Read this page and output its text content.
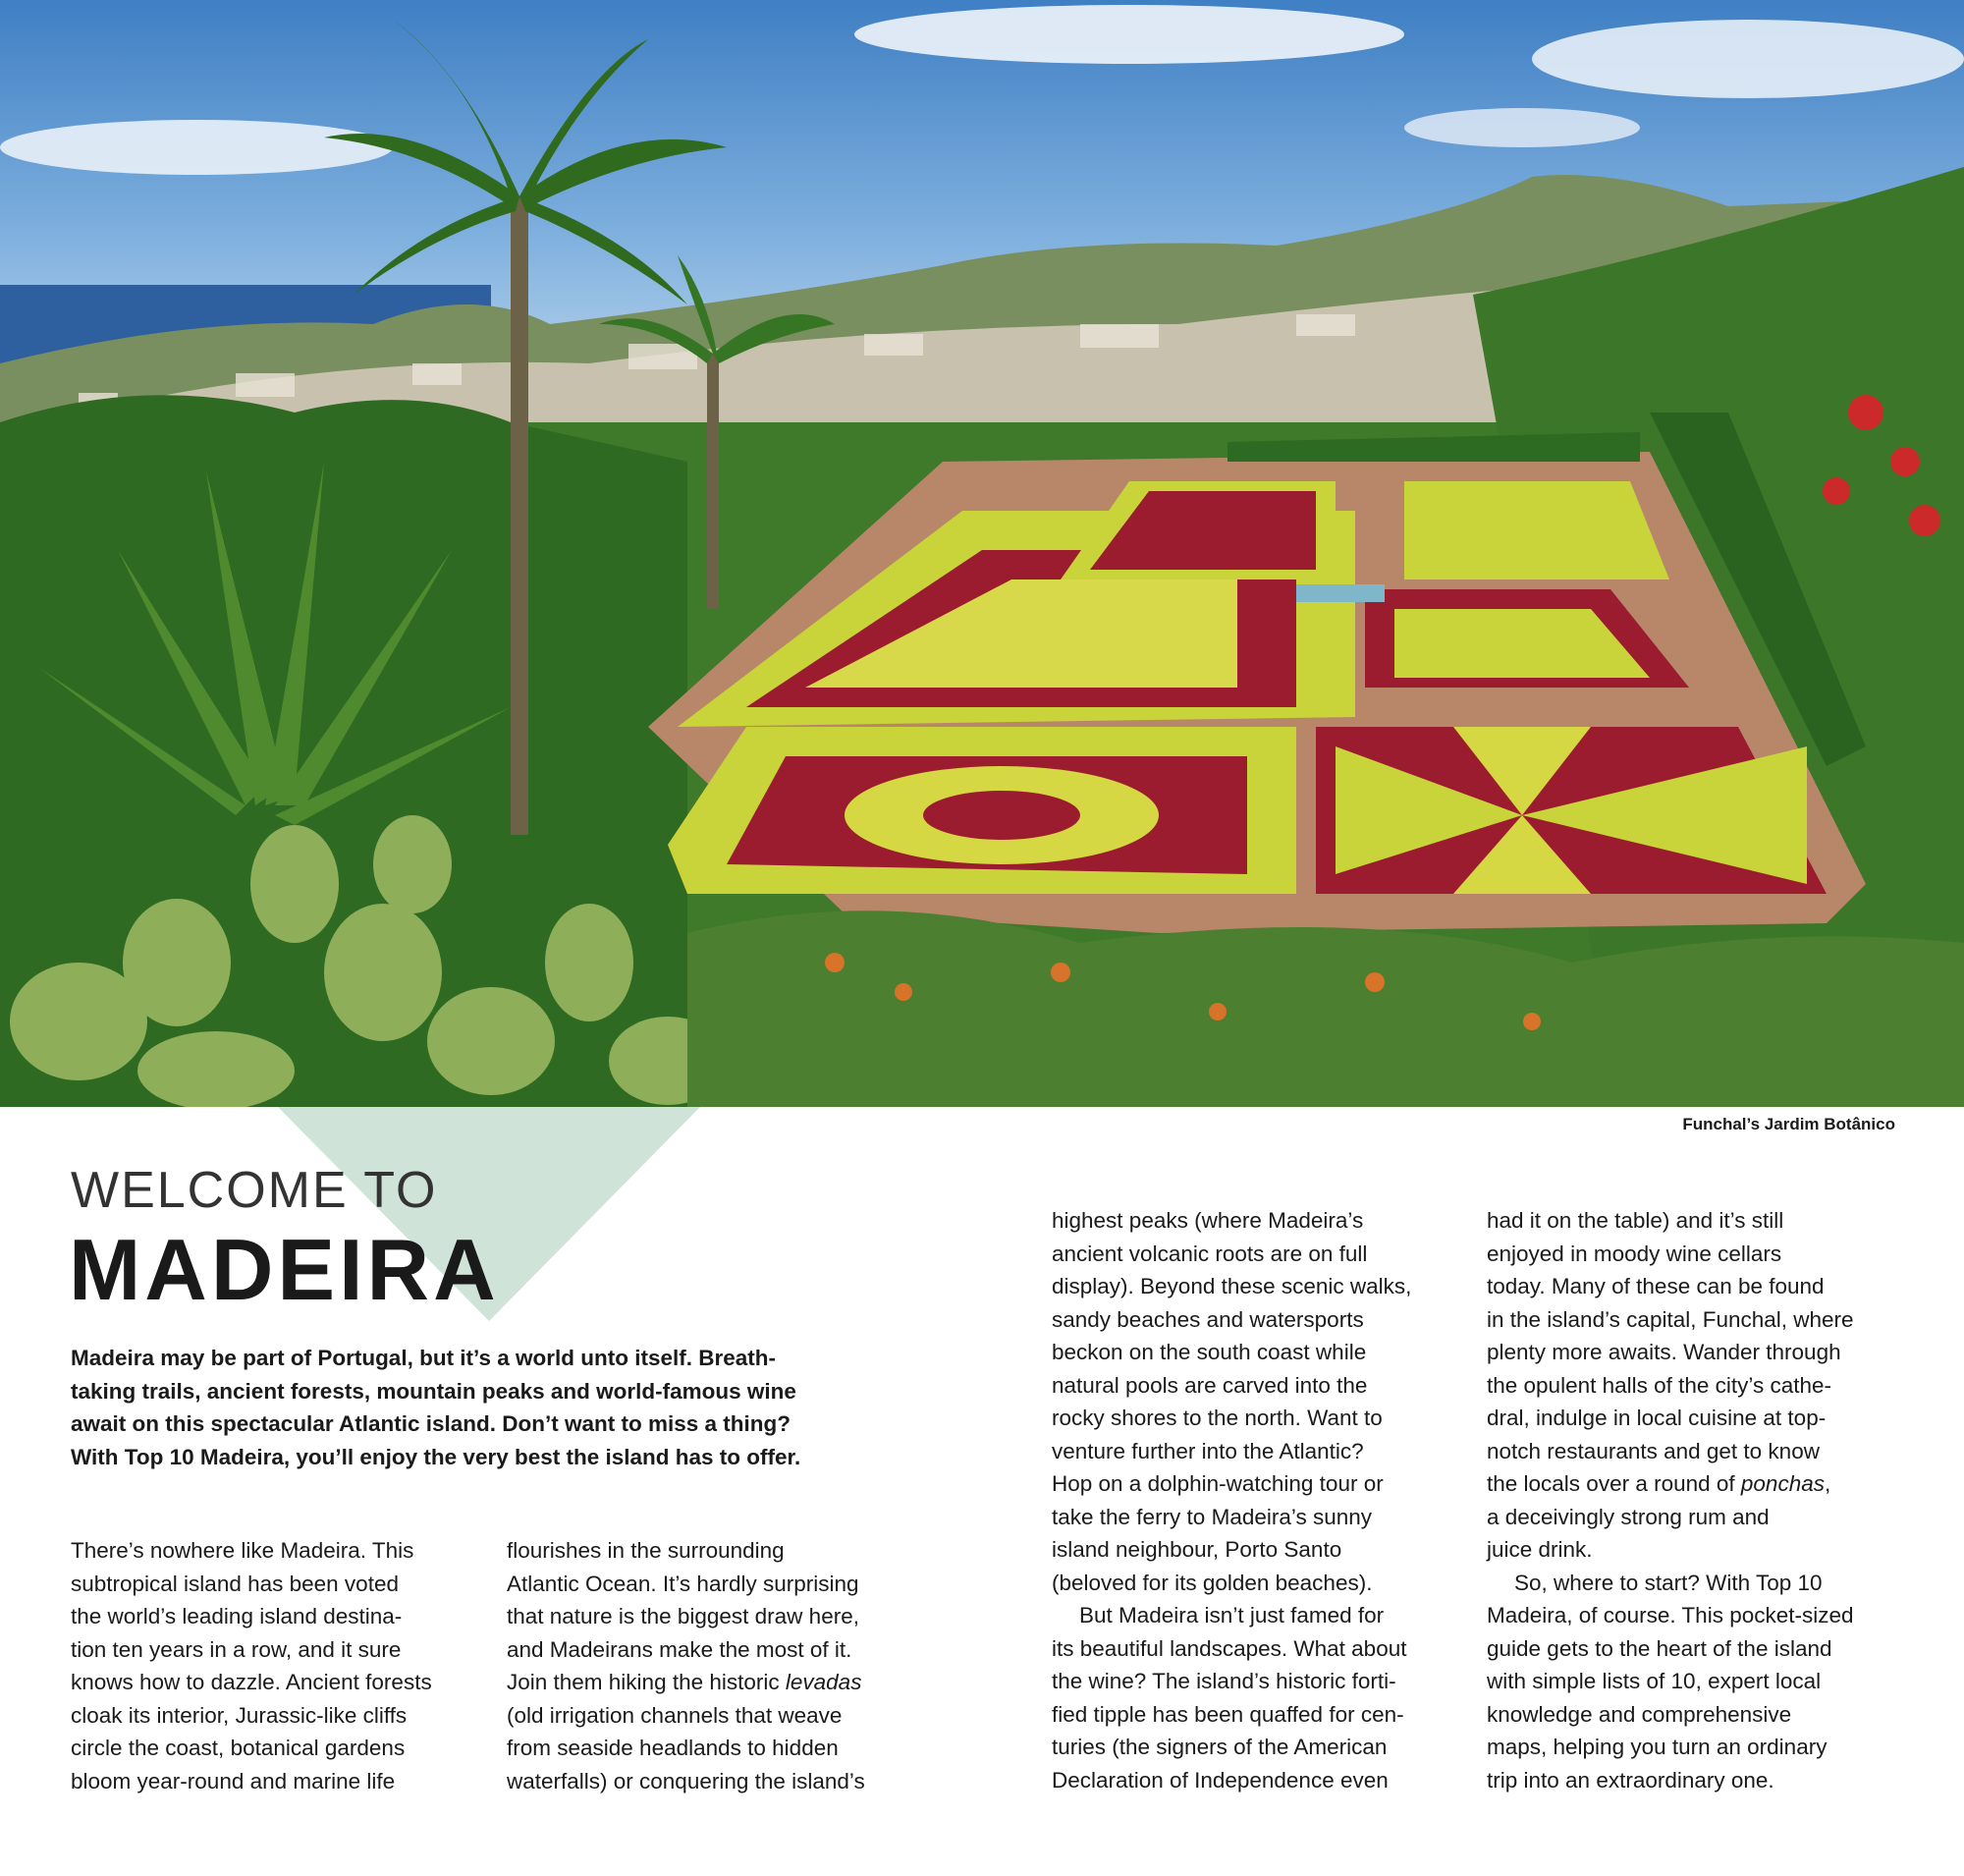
Funchal’s Jardim Botânico
WELCOME TO
MADEIRA
Madeira may be part of Portugal, but it’s a world unto itself. Breath-
taking trails, ancient forests, mountain peaks and world-famous wine
await on this spectacular Atlantic island. Don’t want to miss a thing?
With Top 10 Madeira, you’ll enjoy the very best the island has to offer.
There’s nowhere like Madeira. This
subtropical island has been voted
the world’s leading island destina-
tion ten years in a row, and it sure
knows how to dazzle. Ancient forests
cloak its interior, Jurassic-like cliffs
circle the coast, botanical gardens
bloom year-round and marine life
flourishes in the surrounding
Atlantic Ocean. It’s hardly surprising
that nature is the biggest draw here,
and Madeirans make the most of it.
Join them hiking the historic levadas
(old irrigation channels that weave
from seaside headlands to hidden
waterfalls) or conquering the island’s
highest peaks (where Madeira’s
ancient volcanic roots are on full
display). Beyond these scenic walks,
sandy beaches and watersports
beckon on the south coast while
natural pools are carved into the
rocky shores to the north. Want to
venture further into the Atlantic?
Hop on a dolphin-watching tour or
take the ferry to Madeira’s sunny
island neighbour, Porto Santo
(beloved for its golden beaches).
But Madeira isn’t just famed for
its beautiful landscapes. What about
the wine? The island’s historic forti-
fied tipple has been quaffed for cen-
turies (the signers of the American
Declaration of Independence even
had it on the table) and it’s still
enjoyed in moody wine cellars
today. Many of these can be found
in the island’s capital, Funchal, where
plenty more awaits. Wander through
the opulent halls of the city’s cathe-
dral, indulge in local cuisine at top-
notch restaurants and get to know
the locals over a round of ponchas,
a deceivingly strong rum and
juice drink.
So, where to start? With Top 10
Madeira, of course. This pocket-sized
guide gets to the heart of the island
with simple lists of 10, expert local
knowledge and comprehensive
maps, helping you turn an ordinary
trip into an extraordinary one.
